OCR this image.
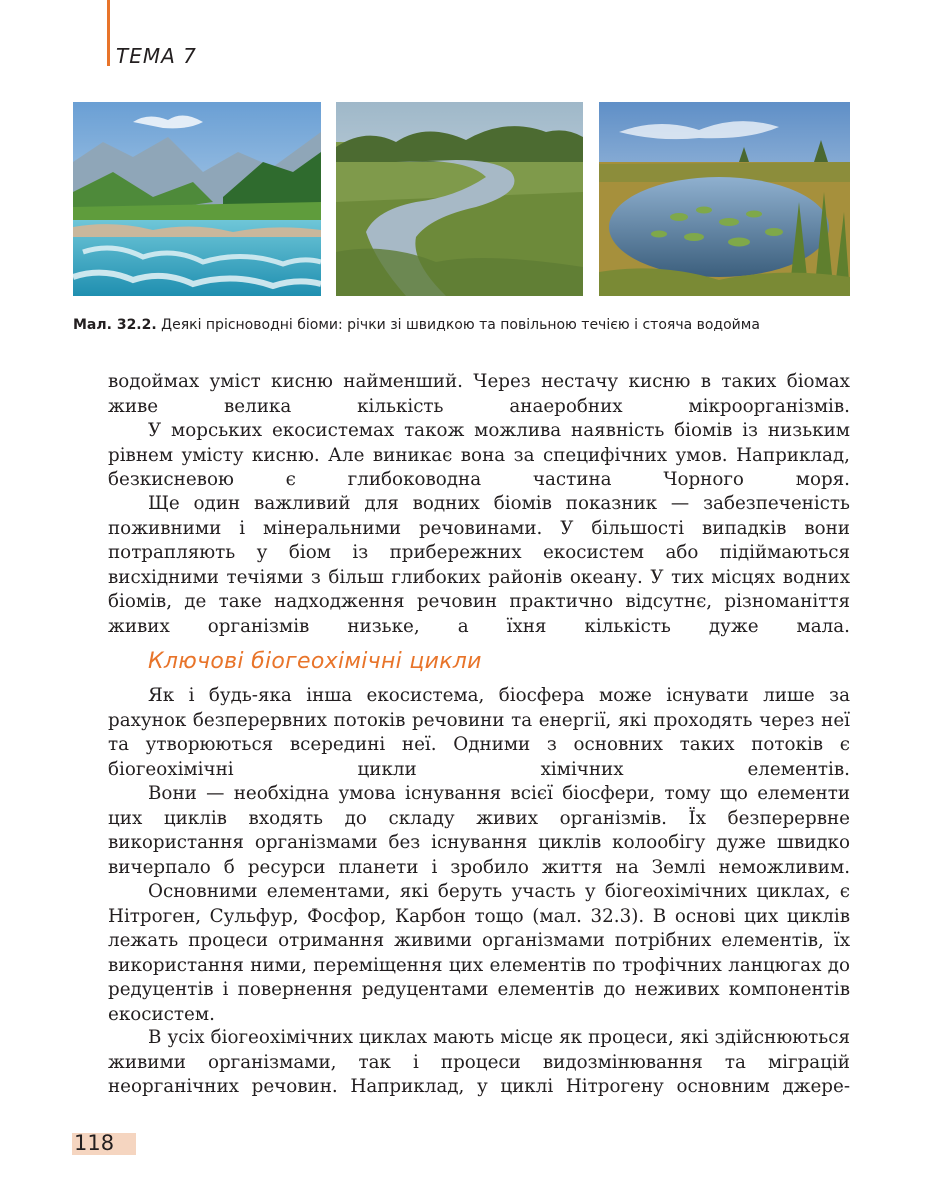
ТЕМА 7
Мал. 32.2. Деякі прісноводні біоми: річки зі швидкою та повільною течією і стояча водойма

водоймах уміст кисню найменший. Через нестачу кисню в таких біомах живе велика кількість анаеробних мікроорганізмів.

У морських екосистемах також можлива наявність біомів із низьким рівнем умісту кисню. Але виникає вона за специфічних умов. Наприклад, безкисневою є глибоководна частина Чорного моря.

Ще один важливий для водних біомів показник — забезпеченість поживними і мінеральними речовинами. У більшості випадків вони потрапляють у біом із прибережних екосистем або підіймаються висхідними течіями з більш глибоких районів океану. У тих місцях водних біомів, де таке надходження речовин практично відсутнє, різноманіття живих організмів низьке, а їхня кількість дуже мала.

Ключові біогеохімічні цикли

Як і будь-яка інша екосистема, біосфера може існувати лише за рахунок безперервних потоків речовини та енергії, які проходять через неї та утворюються всередині неї. Одними з основних таких потоків є біогеохімічні цикли хімічних елементів.

Вони — необхідна умова існування всієї біосфери, тому що елементи цих циклів входять до складу живих організмів. Їх безперервне використання організмами без існування циклів колообігу дуже швидко вичерпало б ресурси планети і зробило життя на Землі неможливим.

Основними елементами, які беруть участь у біогеохімічних циклах, є Нітроген, Сульфур, Фосфор, Карбон тощо (мал. 32.3). В основі цих циклів лежать процеси отримання живими організмами потрібних елементів, їх використання ними, переміщення цих елементів по трофічних ланцюгах до редуцентів і повернення редуцентами елементів до неживих компонентів екосистем.

В усіх біогеохімічних циклах мають місце як процеси, які здійснюються живими організмами, так і процеси видозмінювання та міграцій неорганічних речовин. Наприклад, у циклі Нітрогену основним джере-

118
